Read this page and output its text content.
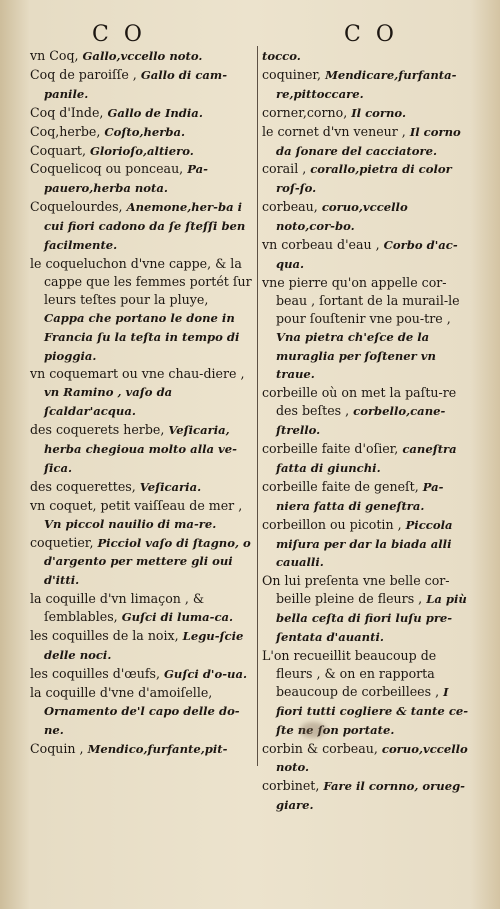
C O	C O
vn Coq, Gallo,vccello noto.
Coq de paroiſſe , Gallo di cam-panile.
Coq d'Inde, Gallo de India.
Coq,herbe, Coſto,herba.
Coquart, Glorioſo,altiero.
Coquelicoq ou ponceau, Pa-pauero,herba nota.
Coquelourdes, Anemone,her-ba i cui fiori cadono da ſe ſteſſi ben facilmente.
le coqueluchon d'vne cappe, & la cappe que les femmes portét ſur leurs teſtes pour la pluye, Cappa che portano le done in Francia ſu la teſta in tempo di pioggia.
vn coquemart ou vne chau-diere , vn Ramino , vaſo da ſcaldar'acqua.
des coquerets herbe, Veſicaria, herba chegioua molto alla ve-ſica.
des coquerettes, Veſicaria.
vn coquet, petit vaiſſeau de mer , Vn piccol nauilio di ma-re.
coquetier, Picciol vaſo di ſtagno, o d'argento per mettere gli oui d'itti.
la coquille d'vn limaçon , & ſemblables, Guſci di luma-ca.
les coquilles de la noix, Legu-ſcie delle noci.
les coquilles d'œufs, Guſci d'o-ua.
la coquille d'vne d'amoiſelle, Ornamento de'l capo delle do-ne.
Coquin , Mendico,furfante,pit-
tocco.
coquiner, Mendicare,furfanta-re,pittoccare.
corner,corno, Il corno.
le cornet d'vn veneur , Il corno da ſonare del cacciatore.
corail , corallo,pietra di color roſ-ſo.
corbeau, coruo,vccello noto,cor-bo.
vn corbeau d'eau , Corbo d'ac-qua.
vne pierre qu'on appelle cor-beau , ſortant de la murail-le pour ſouſtenir vne pou-tre , Vna pietra ch'eſce de la muraglia per ſoſtener vn traue.
corbeille où on met la paſtu-re des beſtes , corbello,cane-ſtrello.
corbeille faite d'oſier, caneſtra fatta di giunchi.
corbeille faite de geneſt, Pa-niera fatta di geneſtra.
corbeillon ou picotin , Piccola miſura per dar la biada alli caualli.
On lui preſenta vne belle cor-beille pleine de fleurs , La più bella ceſta di fiori luſu pre-ſentata d'auanti.
L'on recueillit beaucoup de fleurs , & on en rapporta beaucoup de corbeillees , I fiori tutti cogliere & tante ce-ſte ne ſon portate.
corbin & corbeau, coruo,vccello noto.
corbinet, Fare il cornno, orueg-giare.
